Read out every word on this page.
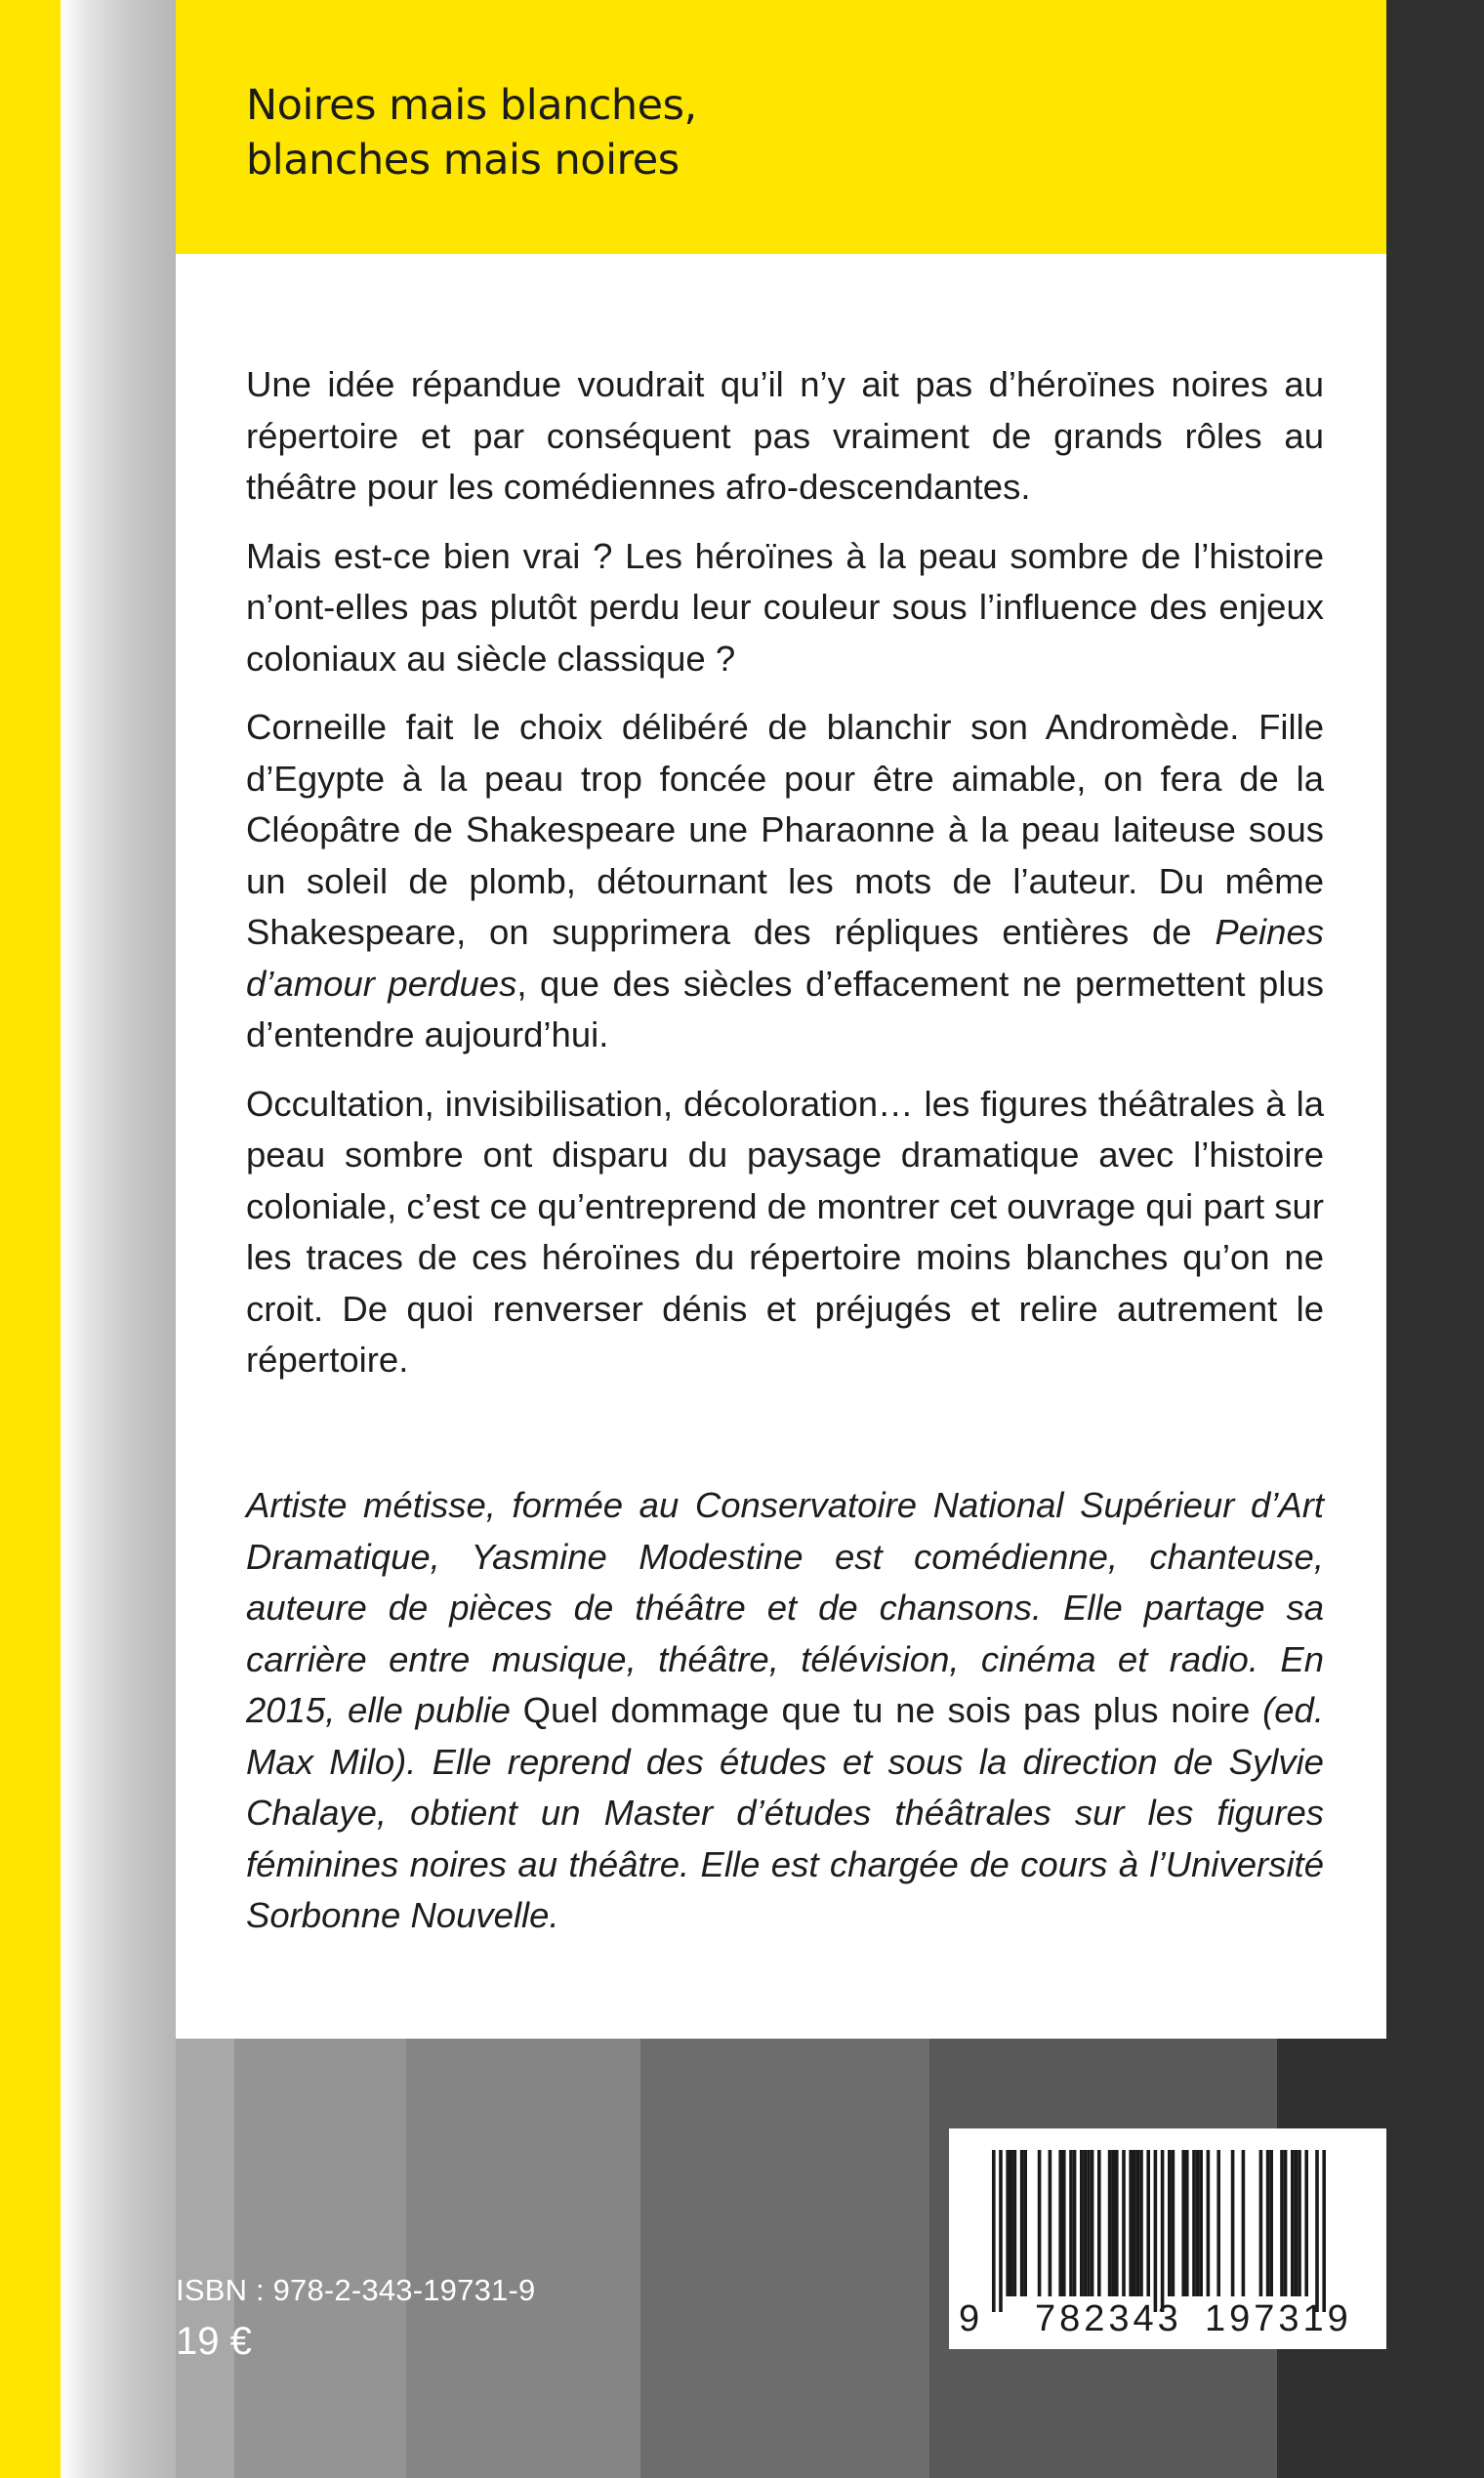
Noires mais blanches,
blanches mais noires

Une idée répandue voudrait qu’il n’y ait pas d’héroïnes noires au répertoire et par conséquent pas vraiment de grands rôles au théâtre pour les comédiennes afro-descendantes.

Mais est-ce bien vrai ? Les héroïnes à la peau sombre de l’histoire n’ont-elles pas plutôt perdu leur couleur sous l’influence des enjeux coloniaux au siècle classique ?

Corneille fait le choix délibéré de blanchir son Andromède. Fille d’Egypte à la peau trop foncée pour être aimable, on fera de la Cléopâtre de Shakespeare une Pharaonne à la peau laiteuse sous un soleil de plomb, détournant les mots de l’auteur. Du même Shakespeare, on supprimera des répliques entières de Peines d’amour perdues, que des siècles d’effacement ne permettent plus d’entendre aujourd’hui.

Occultation, invisibilisation, décoloration… les figures théâtrales à la peau sombre ont disparu du paysage dramatique avec l’histoire coloniale, c’est ce qu’entreprend de montrer cet ouvrage qui part sur les traces de ces héroïnes du répertoire moins blanches qu’on ne croit. De quoi renverser dénis et préjugés et relire autrement le répertoire.

Artiste métisse, formée au Conservatoire National Supérieur d’Art Dramatique, Yasmine Modestine est comédienne, chanteuse, auteure de pièces de théâtre et de chansons. Elle partage sa carrière entre musique, théâtre, télévision, cinéma et radio. En 2015, elle publie Quel dommage que tu ne sois pas plus noire (ed. Max Milo). Elle reprend des études et sous la direction de Sylvie Chalaye, obtient un Master d’études théâtrales sur les figures féminines noires au théâtre. Elle est chargée de cours à l’Université Sorbonne Nouvelle.

ISBN : 978-2-343-19731-9
19 €
9 782343 197319
